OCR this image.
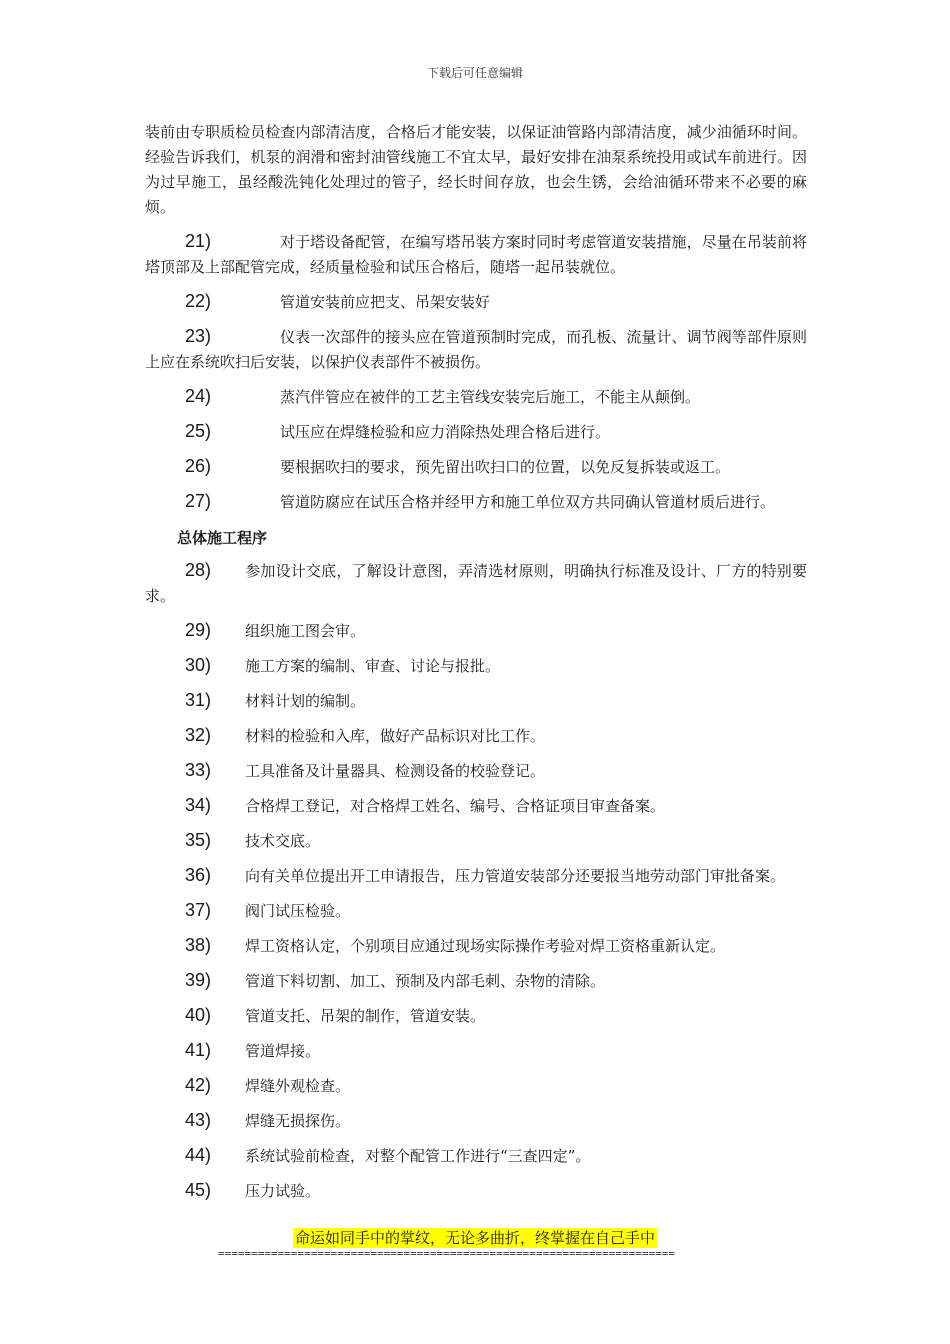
下载后可任意编辑

装前由专职质检员检查内部清洁度，合格后才能安装，以保证油管路内部清洁度，减少油循环时间。经验告诉我们，机泵的润滑和密封油管线施工不宜太早，最好安排在油泵系统投用或试车前进行。因为过早施工，虽经酸洗钝化处理过的管子，经长时间存放，也会生锈，会给油循环带来不必要的麻烦。

21)	对于塔设备配管，在编写塔吊装方案时同时考虑管道安装措施，尽量在吊装前将塔顶部及上部配管完成，经质量检验和试压合格后，随塔一起吊装就位。
22)	管道安装前应把支、吊架安装好
23)	仪表一次部件的接头应在管道预制时完成，而孔板、流量计、调节阀等部件原则上应在系统吹扫后安装，以保护仪表部件不被损伤。
24)	蒸汽伴管应在被伴的工艺主管线安装完后施工，不能主从颠倒。
25)	试压应在焊缝检验和应力消除热处理合格后进行。
26)	要根据吹扫的要求，预先留出吹扫口的位置，以免反复拆装或返工。
27)	管道防腐应在试压合格并经甲方和施工单位双方共同确认管道材质后进行。
总体施工程序
28) 参加设计交底，了解设计意图，弄清选材原则，明确执行标准及设计、厂方的特别要求。
29) 组织施工图会审。
30) 施工方案的编制、审查、讨论与报批。
31) 材料计划的编制。
32) 材料的检验和入库，做好产品标识对比工作。
33) 工具准备及计量器具、检测设备的校验登记。
34) 合格焊工登记，对合格焊工姓名、编号、合格证项目审查备案。
35) 技术交底。
36) 向有关单位提出开工申请报告，压力管道安装部分还要报当地劳动部门审批备案。
37) 阀门试压检验。
38) 焊工资格认定，个别项目应通过现场实际操作考验对焊工资格重新认定。
39) 管道下料切割、加工、预制及内部毛刺、杂物的清除。
40) 管道支托、吊架的制作，管道安装。
41) 管道焊接。
42) 焊缝外观检查。
43) 焊缝无损探伤。
44) 系统试验前检查，对整个配管工作进行“三查四定”。
45) 压力试验。
命运如同手中的掌纹，无论多曲折，终掌握在自己手中
=====================================================================
